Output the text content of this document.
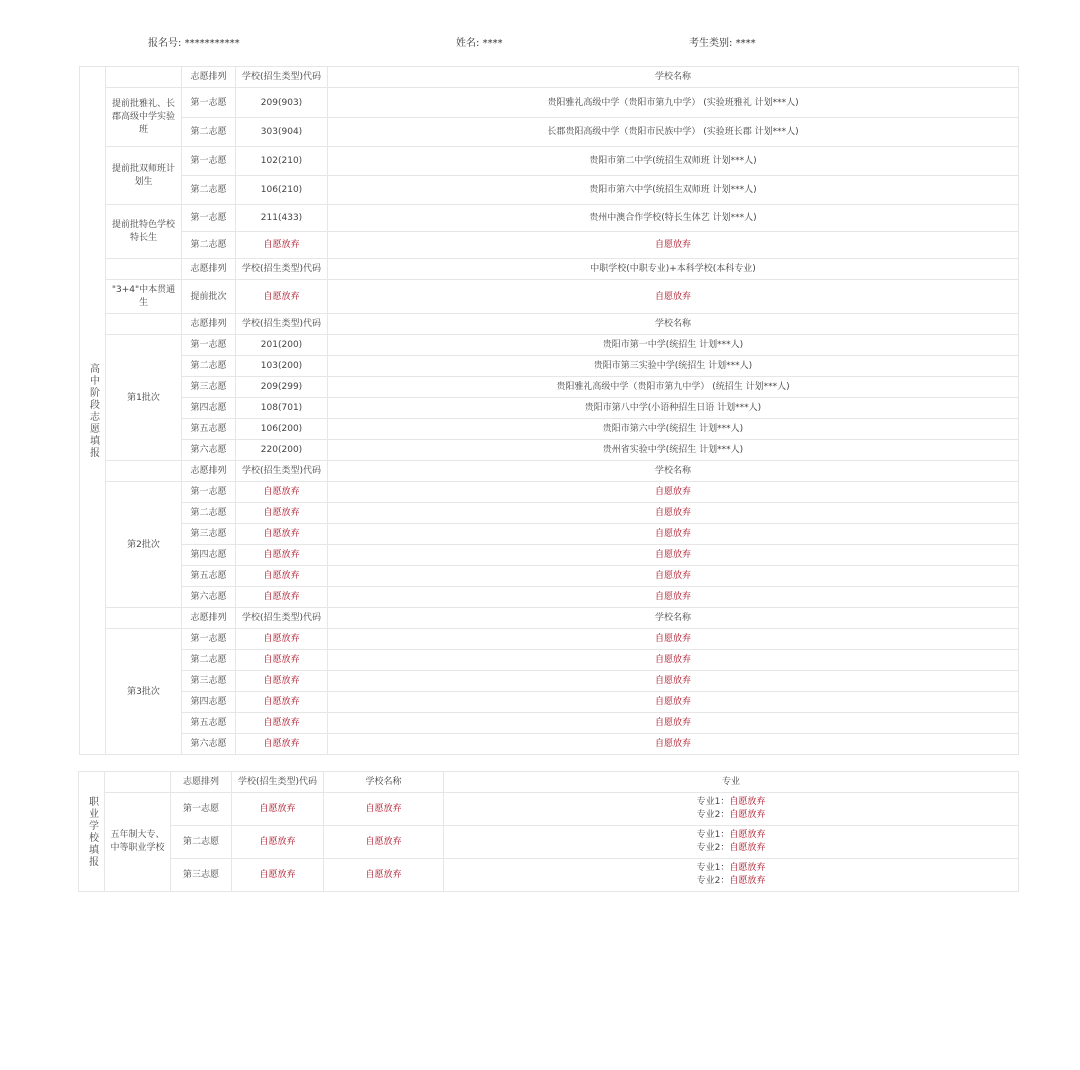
报名号: ***********	姓名: ****	考生类别: ****
高中阶段志愿填报		志愿排列	学校(招生类型)代码	学校名称
	提前批雅礼、长郡高级中学实验班	第一志愿	209(903)	贵阳雅礼高级中学（贵阳市第九中学） (实验班雅礼 计划***人)
		第二志愿	303(904)	长郡贵阳高级中学（贵阳市民族中学） (实验班长郡 计划***人)
	提前批双师班计划生	第一志愿	102(210)	贵阳市第二中学(统招生双师班 计划***人)
		第二志愿	106(210)	贵阳市第六中学(统招生双师班 计划***人)
	提前批特色学校特长生	第一志愿	211(433)	贵州中澳合作学校(特长生体艺 计划***人)
		第二志愿	自愿放弃	自愿放弃
		志愿排列	学校(招生类型)代码	中职学校(中职专业)+本科学校(本科专业)
	"3+4"中本贯通生	提前批次	自愿放弃	自愿放弃
		志愿排列	学校(招生类型)代码	学校名称
	第1批次	第一志愿	201(200)	贵阳市第一中学(统招生 计划***人)
		第二志愿	103(200)	贵阳市第三实验中学(统招生 计划***人)
		第三志愿	209(299)	贵阳雅礼高级中学（贵阳市第九中学） (统招生 计划***人)
		第四志愿	108(701)	贵阳市第八中学(小语种招生日语 计划***人)
		第五志愿	106(200)	贵阳市第六中学(统招生 计划***人)
		第六志愿	220(200)	贵州省实验中学(统招生 计划***人)
		志愿排列	学校(招生类型)代码	学校名称
	第2批次	第一志愿	自愿放弃	自愿放弃
		第二志愿	自愿放弃	自愿放弃
		第三志愿	自愿放弃	自愿放弃
		第四志愿	自愿放弃	自愿放弃
		第五志愿	自愿放弃	自愿放弃
		第六志愿	自愿放弃	自愿放弃
		志愿排列	学校(招生类型)代码	学校名称
	第3批次	第一志愿	自愿放弃	自愿放弃
		第二志愿	自愿放弃	自愿放弃
		第三志愿	自愿放弃	自愿放弃
		第四志愿	自愿放弃	自愿放弃
		第五志愿	自愿放弃	自愿放弃
		第六志愿	自愿放弃	自愿放弃
职业学校填报		志愿排列	学校(招生类型)代码	学校名称	专业
	五年制大专、中等职业学校	第一志愿	自愿放弃	自愿放弃	专业1：自愿放弃
专业2：自愿放弃

		第二志愿	自愿放弃	自愿放弃	专业1：自愿放弃
专业2：自愿放弃

		第三志愿	自愿放弃	自愿放弃	专业1：自愿放弃
专业2：自愿放弃
